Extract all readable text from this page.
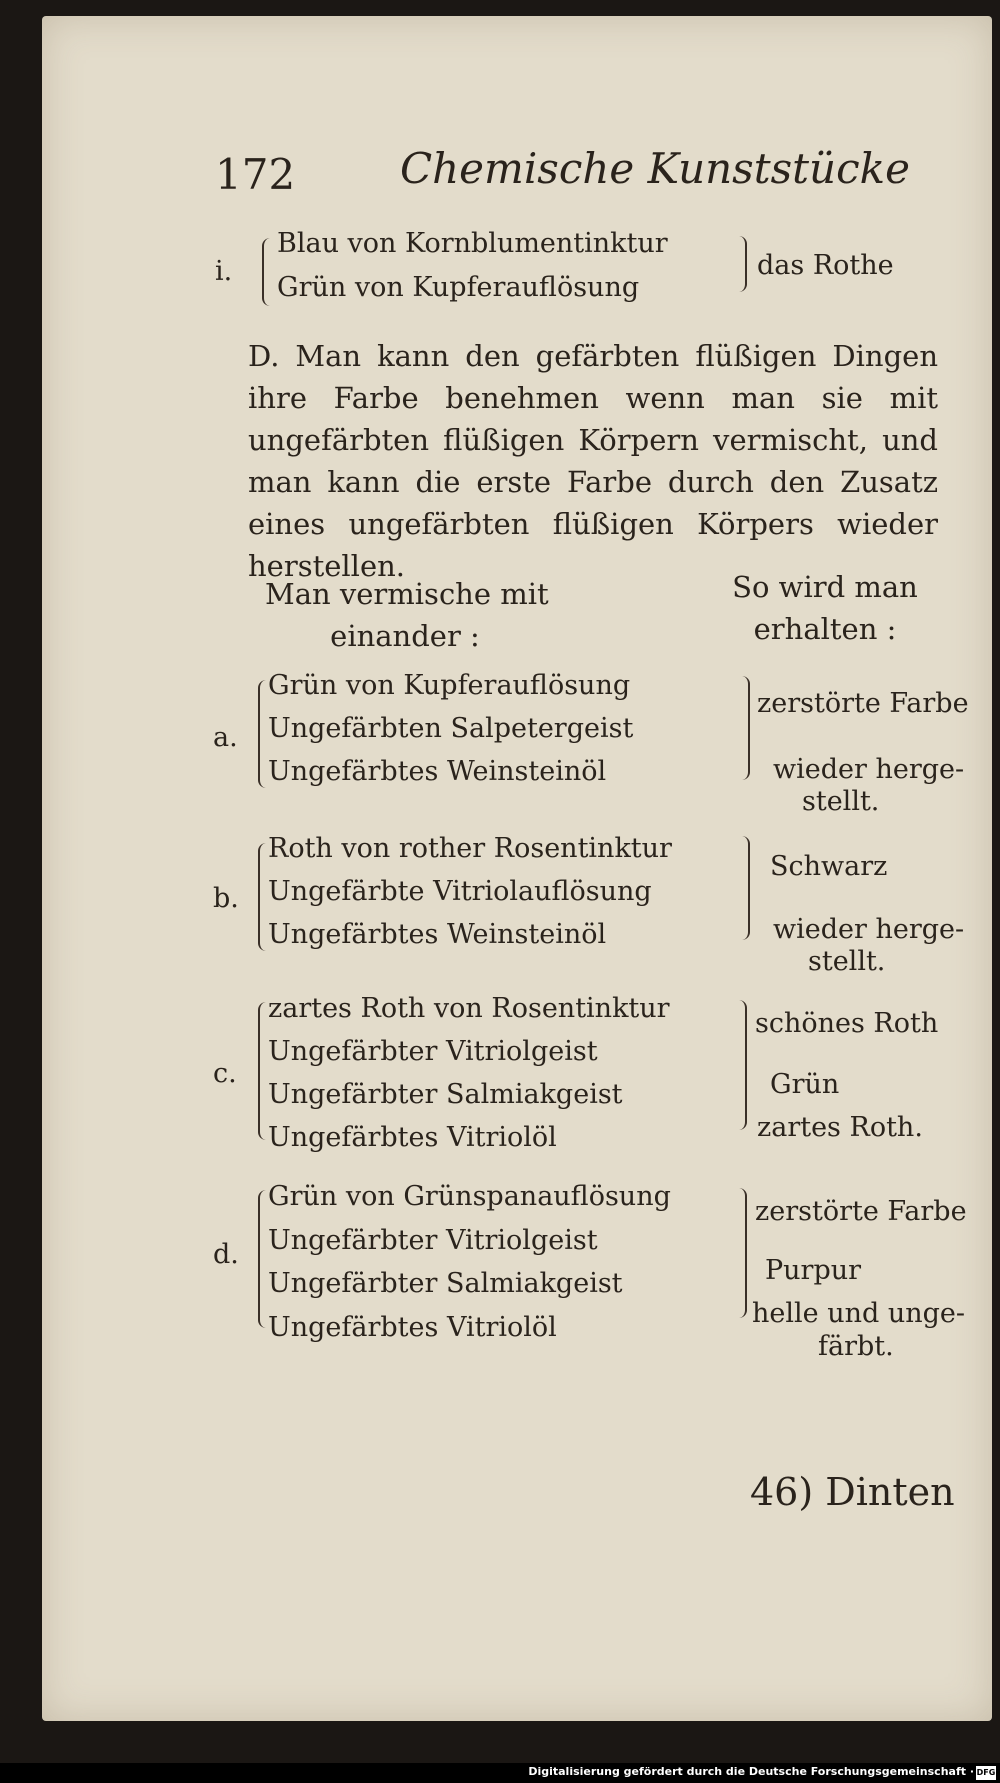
172 Chemische Kunststücke
i.
Blau von Kornblumentinktur
Grün von Kupferauflösung
das Rothe
D. Man kann den gefärbten flüßigen Dingen ihre Farbe benehmen wenn man sie mit ungefärbten flüßigen Körpern vermischt, und man kann die erste Farbe durch den Zusatz eines ungefärbten flüßigen Körpers wieder herstellen.
Man vermische mit
einander :
So wird man
erhalten :
a.
Grün von Kupferauflösung
Ungefärbten Salpetergeist
Ungefärbtes Weinsteinöl
zerstörte Farbe
wieder herge-
stellt.
b.
Roth von rother Rosentinktur
Ungefärbte Vitriolauflösung
Ungefärbtes Weinsteinöl
Schwarz
wieder herge-
stellt.
c.
zartes Roth von Rosentinktur
Ungefärbter Vitriolgeist
Ungefärbter Salmiakgeist
Ungefärbtes Vitriolöl
schönes Roth
Grün
zartes Roth.
d.
Grün von Grünspanauflösung
Ungefärbter Vitriolgeist
Ungefärbter Salmiakgeist
Ungefärbtes Vitriolöl
zerstörte Farbe
Purpur
helle und unge-
färbt.
46) Dinten
Digitalisierung gefördert durch die Deutsche Forschungsgemeinschaft · DFG
